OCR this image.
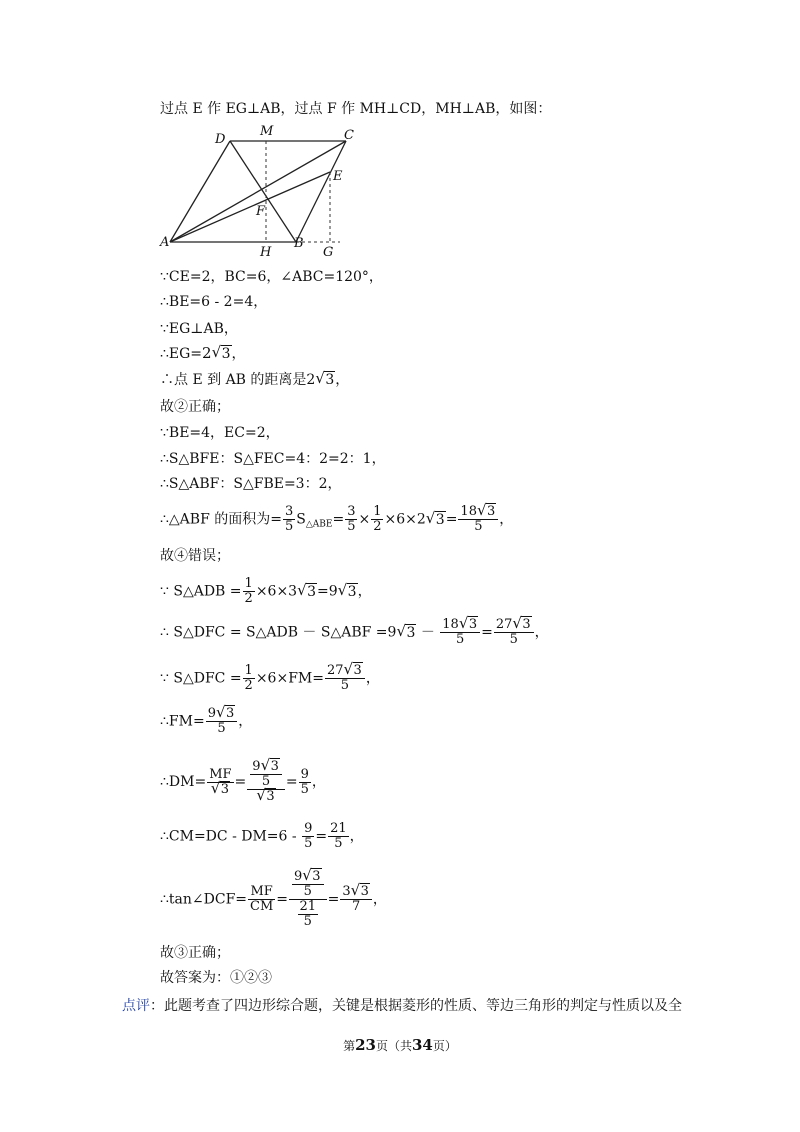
过点 E 作 EG⊥AB，过点 F 作 MH⊥CD，MH⊥AB，如图：
D
M	C
E
F
A
H
B
G
∵CE=2，BC=6，∠ABC=120°，
∴BE=6 - 2=4，
∵EG⊥AB，
∴EG=2 √ 3，
∴点 E 到 AB 的距离是2 √ 3，
故②正确；
∵BE=4，EC=2，
∴S△BFE：S△FEC=4：2=2：1，
∴S△ABF：S△FBE=3：2，
∴△ABF 的面积为= $\frac{3}{5} S_{\triangle ABE}= \frac{3}{5} \times \frac{1}{2} \times 6\times 2$ √ $3= \frac{18 √ 3}{5}$ ，
故④错误；
∵ S△ADB = $\frac{1}{2} \times 6\times 3$ √ 3=9 √ 3，
∴ S△DFC = S△ADB － S△ABF =9 √ $3 - \frac{18 √ 3}{5} = \frac{27 √ 3}{5}$ ，
∵ S△DFC = $\frac{1}{2} \times 6\times FM= \frac{27 √ 3}{5}$ ，
∴FM= $\frac{9 √ 3}{5}$ ，
∴DM= $\frac{MF}{√ 3} = \frac{\frac{9 √ 3}{5}}{√ 3} = \frac{9}{5}$ ，
∴CM=DC - $DM=6 - \frac{9}{5} = \frac{21}{5}$ ，
∴tan∠DCF= $\frac{MF}{CM} = \frac{\frac{9 √ 3}{5}}{\frac{21}{5}} = \frac{3 √ 3}{7}$ ，
故③正确；
故答案为：①②③
点评：此题考查了四边形综合题，关键是根据菱形的性质、等边三角形的判定与性质以及全
第23页（共34页）
